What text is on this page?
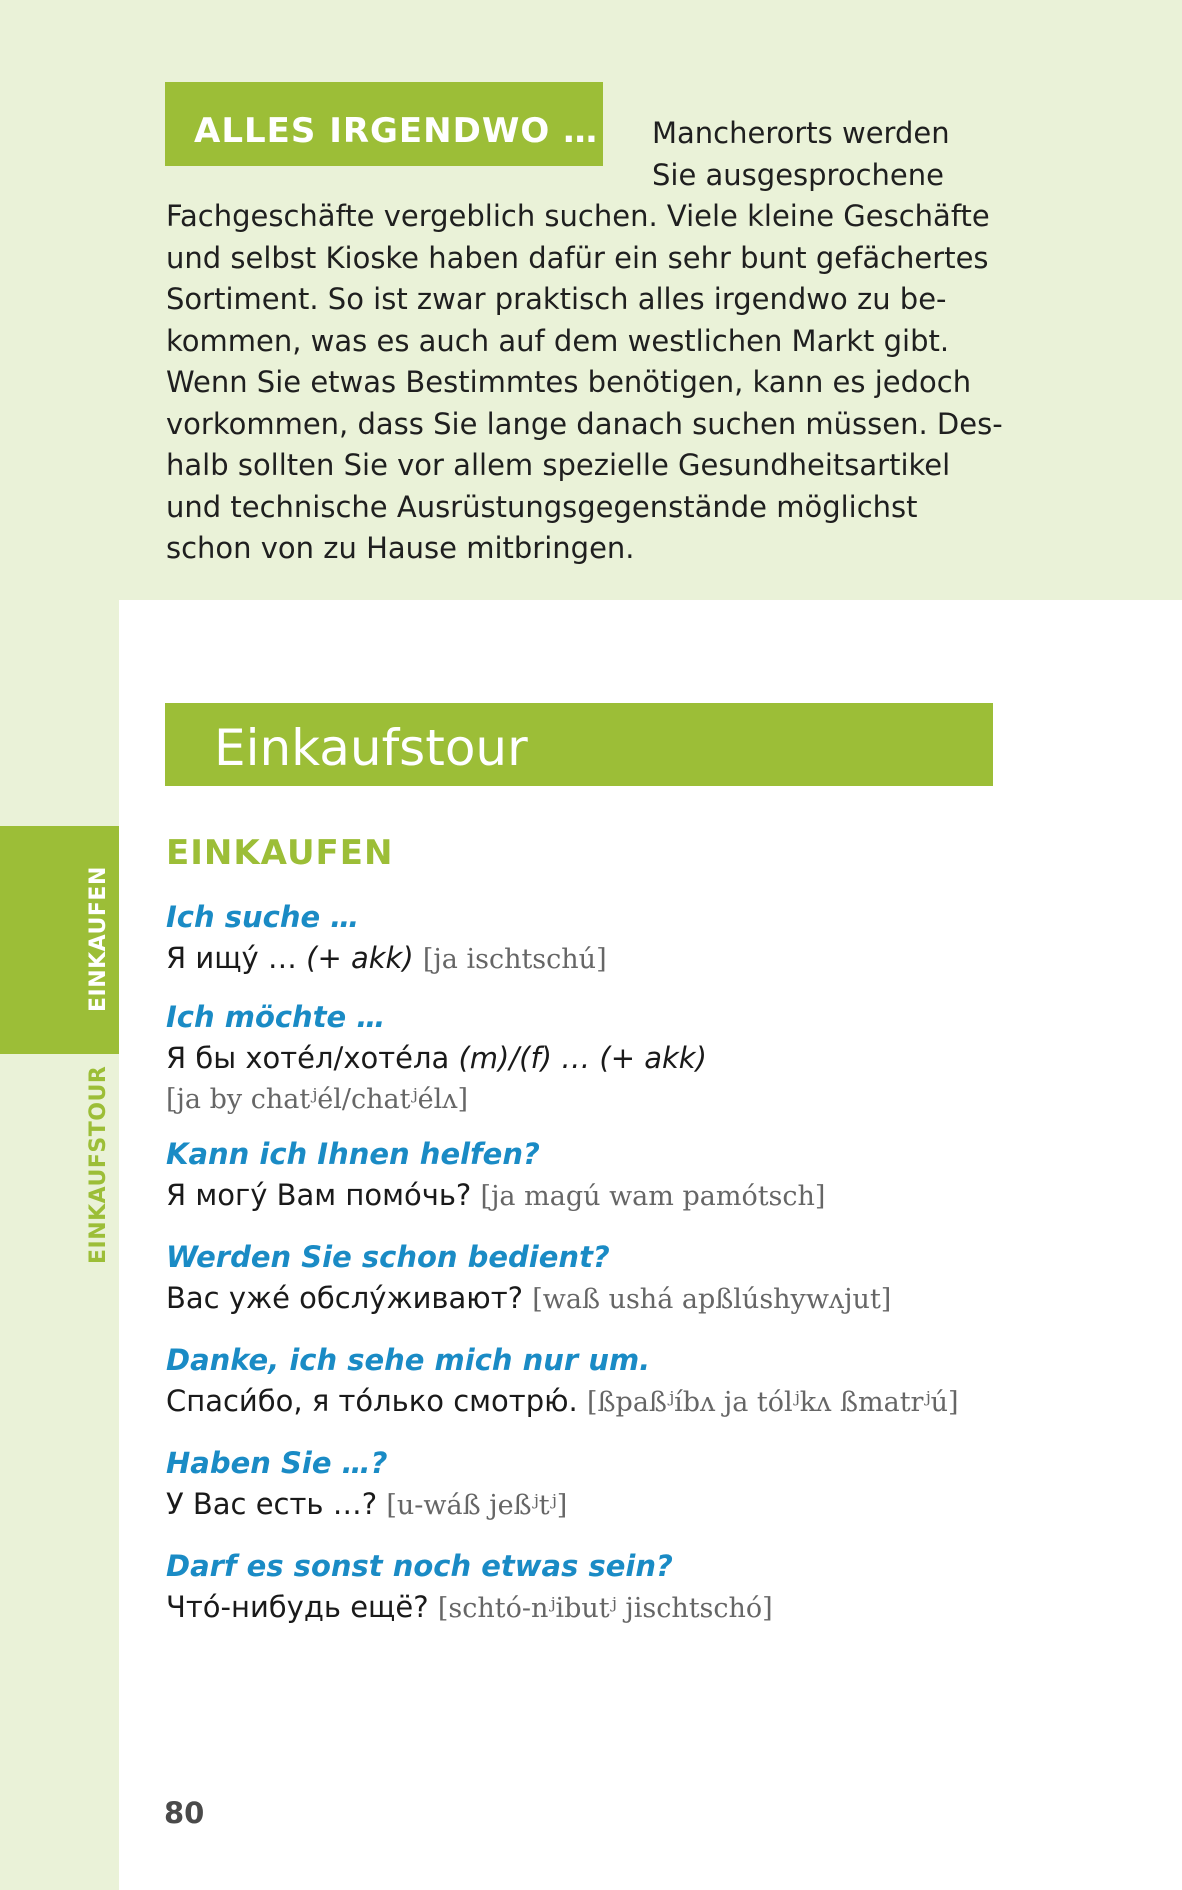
EINKAUFEN
EINKAUFSTOUR
ALLES IRGENDWO …	Mancherorts werden
Sie ausgesprochene
Fachgeschäfte vergeblich suchen. Viele kleine Geschäfte
und selbst Kioske haben dafür ein sehr bunt gefächertes
Sortiment. So ist zwar praktisch alles irgendwo zu be-
kommen, was es auch auf dem westlichen Markt gibt.
Wenn Sie etwas Bestimmtes benötigen, kann es jedoch
vorkommen, dass Sie lange danach suchen müssen. Des-
halb sollten Sie vor allem spezielle Gesundheitsartikel
und technische Ausrüstungsgegenstände möglichst
schon von zu Hause mitbringen.
Einkaufstour
EINKAUFEN
Ich suche …
Я ищу́ … (+ akk) [ja ischtschú]
Ich möchte …
Я бы хоте́л/хоте́ла (m)/(f) … (+ akk)
[ja by chatʲél/chatʲélʌ]
Kann ich Ihnen helfen?
Я могу́ Вам помо́чь? [ja magú wam pamótsch]
Werden Sie schon bedient?
Вас уже́ обслу́живают? [waß ushá apßlúshywʌjut]
Danke, ich sehe mich nur um.
Спаси́бо, я то́лько смотрю́. [ßpaßʲíbʌ ja tólʲkʌ ßmatrʲú]
Haben Sie …?
У Вас есть …? [u-wáß jeßʲtʲ]
Darf es sonst noch etwas sein?
Что́-нибудь ещё? [schtó-nʲibutʲ jischtschó]
80
